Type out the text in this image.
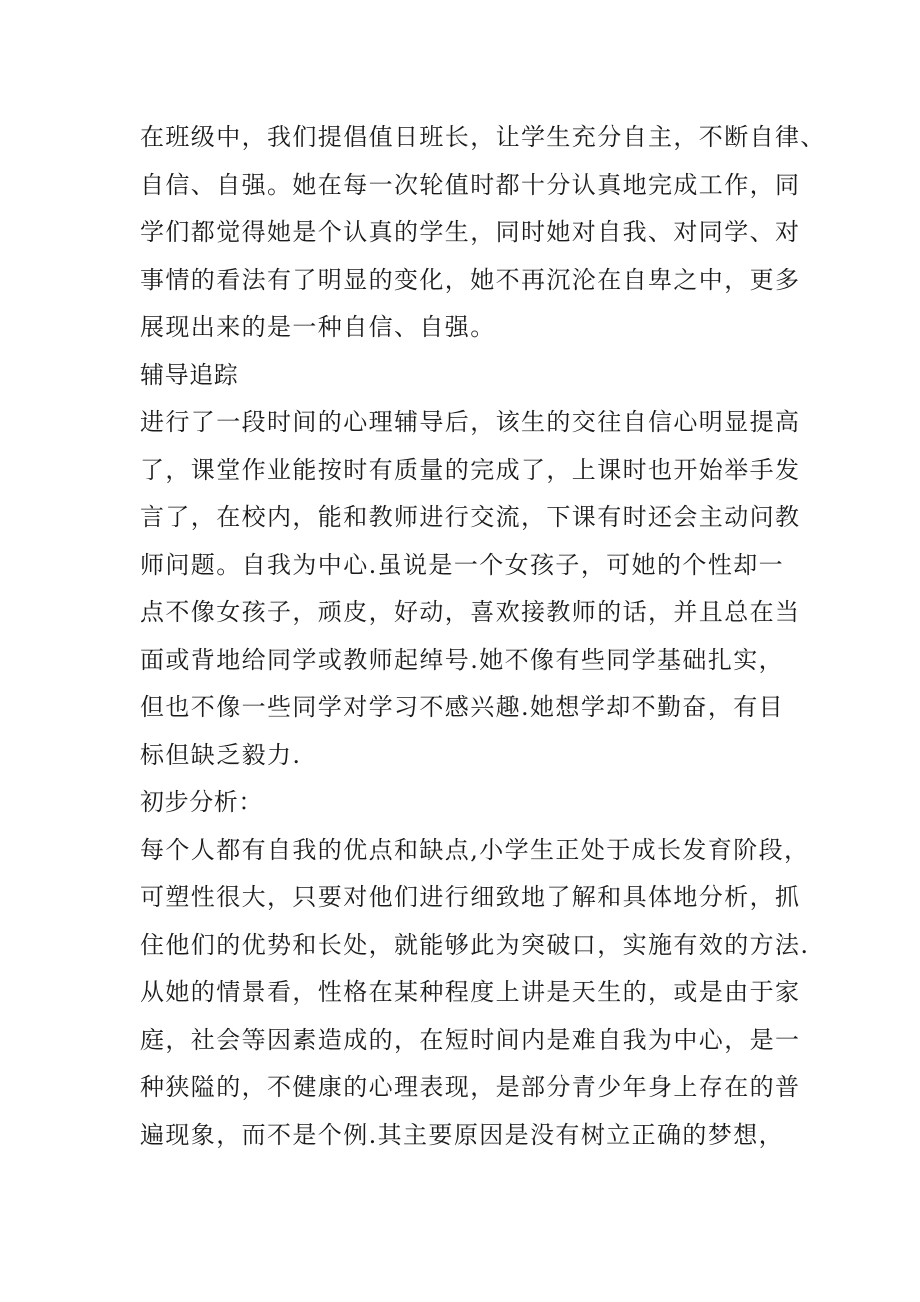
在班级中，我们提倡值日班长，让学生充分自主，不断自律、
自信、自强。她在每一次轮值时都十分认真地完成工作，同
学们都觉得她是个认真的学生，同时她对自我、对同学、对
事情的看法有了明显的变化，她不再沉沦在自卑之中，更多
展现出来的是一种自信、自强。
辅导追踪
进行了一段时间的心理辅导后，该生的交往自信心明显提高
了，课堂作业能按时有质量的完成了，上课时也开始举手发
言了，在校内，能和教师进行交流，下课有时还会主动问教
师问题。自我为中心.虽说是一个女孩子，可她的个性却一
点不像女孩子，顽皮，好动，喜欢接教师的话，并且总在当
面或背地给同学或教师起绰号.她不像有些同学基础扎实，
但也不像一些同学对学习不感兴趣.她想学却不勤奋，有目
标但缺乏毅力.
初步分析：
每个人都有自我的优点和缺点,小学生正处于成长发育阶段，
可塑性很大，只要对他们进行细致地了解和具体地分析，抓
住他们的优势和长处，就能够此为突破口，实施有效的方法.
从她的情景看，性格在某种程度上讲是天生的，或是由于家
庭，社会等因素造成的，在短时间内是难自我为中心，是一
种狭隘的，不健康的心理表现，是部分青少年身上存在的普
遍现象，而不是个例.其主要原因是没有树立正确的梦想，
